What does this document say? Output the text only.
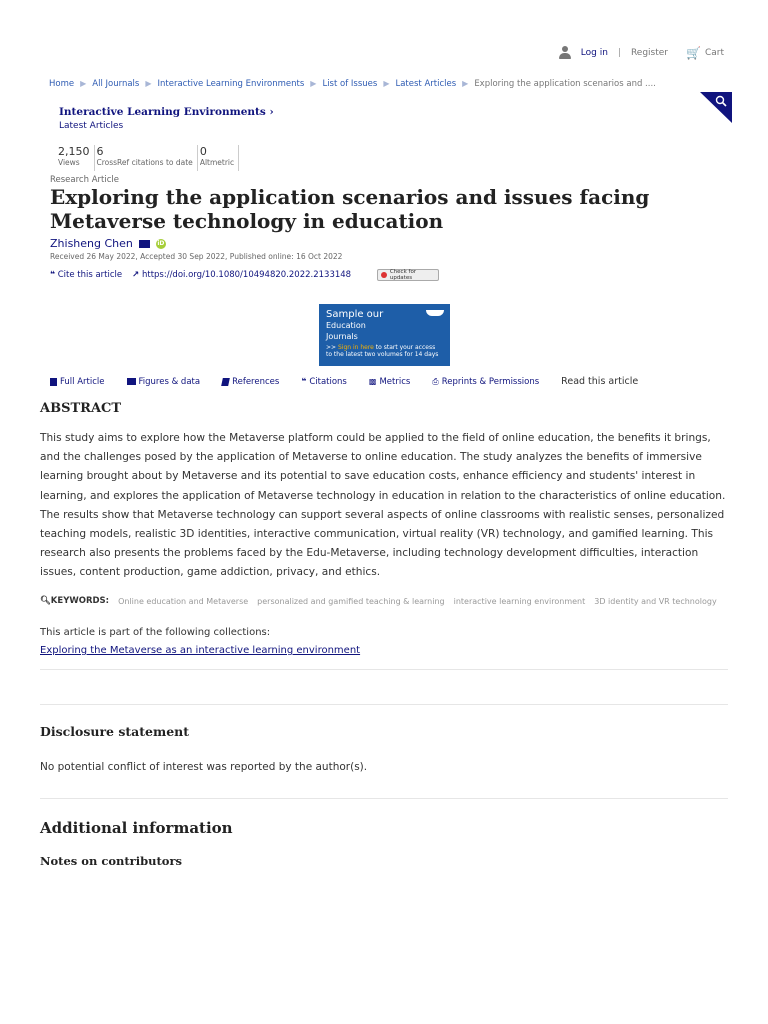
Log in | Register 🛒 Cart
Home ▶ All Journals ▶ Interactive Learning Environments ▶ List of Issues ▶ Latest Articles ▶ Exploring the application scenarios and ....
Interactive Learning Environments ›
Latest Articles
2,150
Views
6
CrossRef citations to date
0
Altmetric
Research Article
Exploring the application scenarios and issues facing Metaverse technology in education
Zhisheng Chen	iD
Received 26 May 2022, Accepted 30 Sep 2022, Published online: 16 Oct 2022
❝ Cite this article ↗ https://doi.org/10.1080/10494820.2022.2133148	Check for updates
Sample our
Education
Journals
>> Sign in here to start your access
to the latest two volumes for 14 days
Full Article	Figures & data	References	❝ Citations	▩ Metrics	⎙ Reprints & Permissions Read this article
ABSTRACT

This study aims to explore how the Metaverse platform could be applied to the field of online education, the benefits it brings, and the challenges posed by the application of Metaverse to online education. The study analyzes the benefits of immersive learning brought about by Metaverse and its potential to save education costs, enhance efficiency and students' interest in learning, and explores the application of Metaverse technology in education in relation to the characteristics of online education. The results show that Metaverse technology can support several aspects of online classrooms with realistic senses, personalized teaching models, realistic 3D identities, interactive communication, virtual reality (VR) technology, and gamified learning. This research also presents the problems faced by the Edu-Metaverse, including technology development difficulties, interaction issues, content production, game addiction, privacy, and ethics.

🔍︎KEYWORDS: Online education and Metaverse personalized and gamified teaching & learning interactive learning environment 3D identity and VR technology
This article is part of the following collections:
Exploring the Metaverse as an interactive learning environment
Disclosure statement

No potential conflict of interest was reported by the author(s).

Additional information
Notes on contributors
